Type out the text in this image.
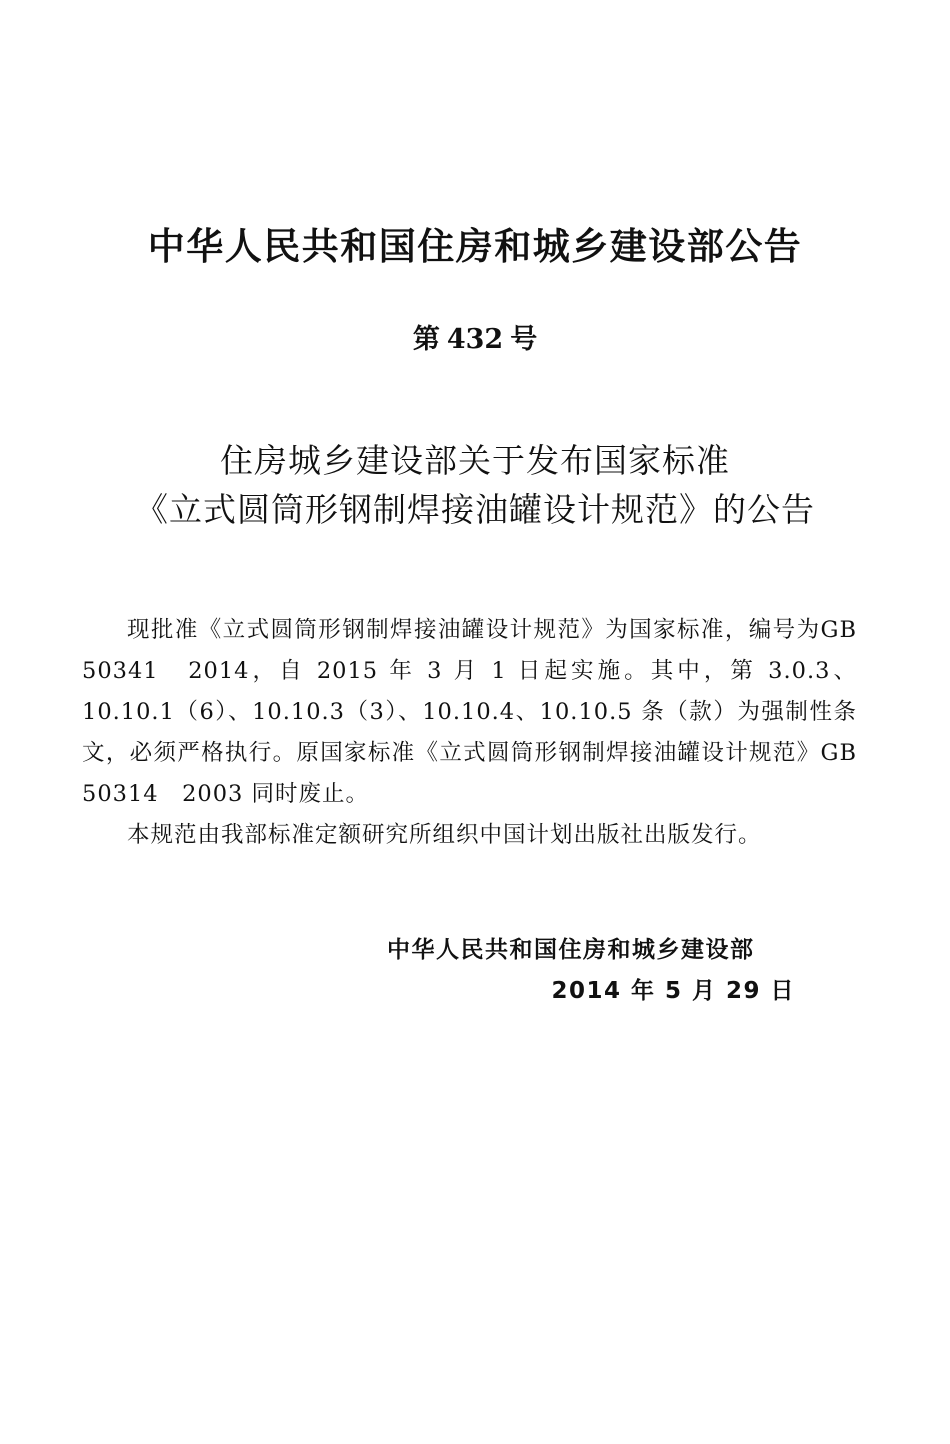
中华人民共和国住房和城乡建设部公告
第 432 号
住房城乡建设部关于发布国家标准
《立式圆筒形钢制焊接油罐设计规范》的公告

现批准《立式圆筒形钢制焊接油罐设计规范》为国家标准，编号为GB 50341　2014，自 2015 年 3 月 1 日起实施。其中，第 3.0.3、10.10.1（6）、10.10.3（3）、10.10.4、10.10.5 条（款）为强制性条文，必须严格执行。原国家标准《立式圆筒形钢制焊接油罐设计规范》GB 50314　2003 同时废止。

本规范由我部标准定额研究所组织中国计划出版社出版发行。

中华人民共和国住房和城乡建设部
2014 年 5 月 29 日
